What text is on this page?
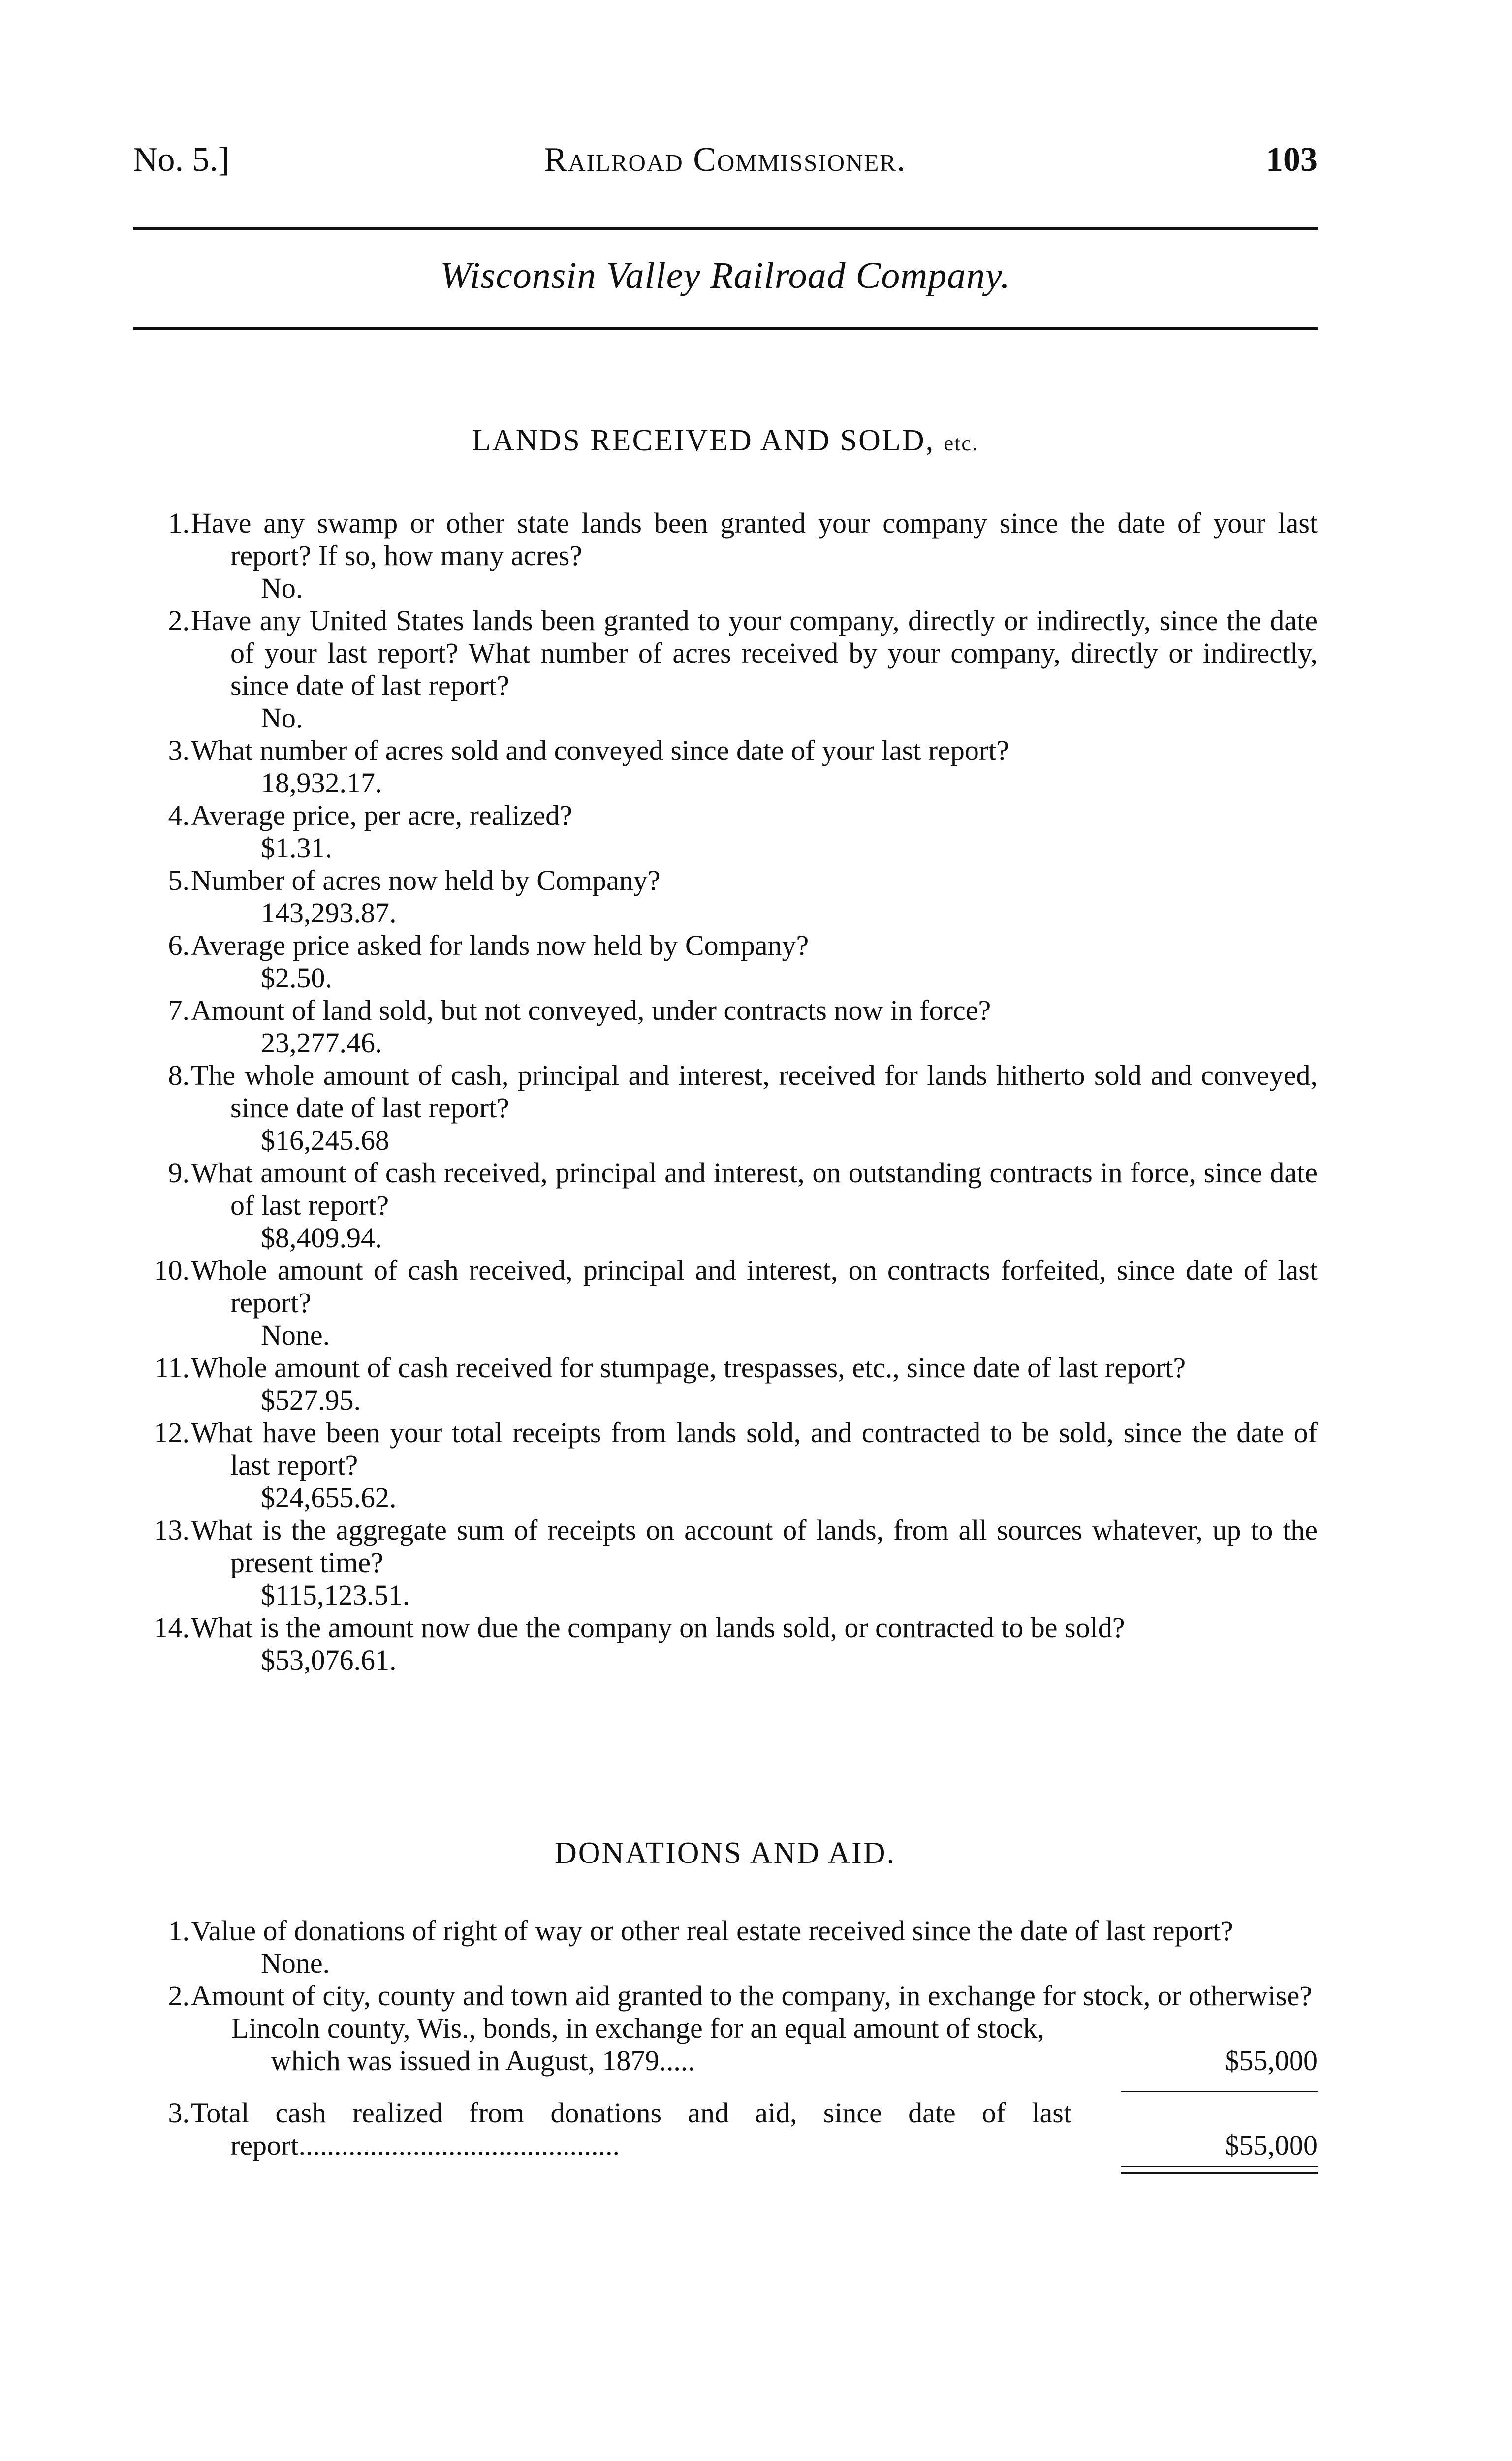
No. 5.]	Railroad Commissioner.	103
Wisconsin Valley Railroad Company.
LANDS RECEIVED AND SOLD, etc.
1. Have any swamp or other state lands been granted your company since the date of your last report? If so, how many acres?
No.
2. Have any United States lands been granted to your company, directly or indirectly, since the date of your last report? What number of acres received by your company, directly or indirectly, since date of last report?
No.
3. What number of acres sold and conveyed since date of your last report?
18,932.17.
4. Average price, per acre, realized?
$1.31.
5. Number of acres now held by Company?
143,293.87.
6. Average price asked for lands now held by Company?
$2.50.
7. Amount of land sold, but not conveyed, under contracts now in force?
23,277.46.
8. The whole amount of cash, principal and interest, received for lands hitherto sold and conveyed, since date of last report?
$16,245.68
9. What amount of cash received, principal and interest, on outstanding contracts in force, since date of last report?
$8,409.94.
10. Whole amount of cash received, principal and interest, on contracts forfeited, since date of last report?
None.
11. Whole amount of cash received for stumpage, trespasses, etc., since date of last report?
$527.95.
12. What have been your total receipts from lands sold, and contracted to be sold, since the date of last report?
$24,655.62.
13. What is the aggregate sum of receipts on account of lands, from all sources whatever, up to the present time?
$115,123.51.
14. What is the amount now due the company on lands sold, or contracted to be sold?
$53,076.61.
DONATIONS AND AID.
1. Value of donations of right of way or other real estate received since the date of last report?
None.
2. Amount of city, county and town aid granted to the company, in exchange for stock, or otherwise?
Lincoln county, Wis., bonds, in exchange for an equal amount of stock, which was issued in August, 1879.....	$55,000
3. Total cash realized from donations and aid, since date of last report.............................................	$55,000
